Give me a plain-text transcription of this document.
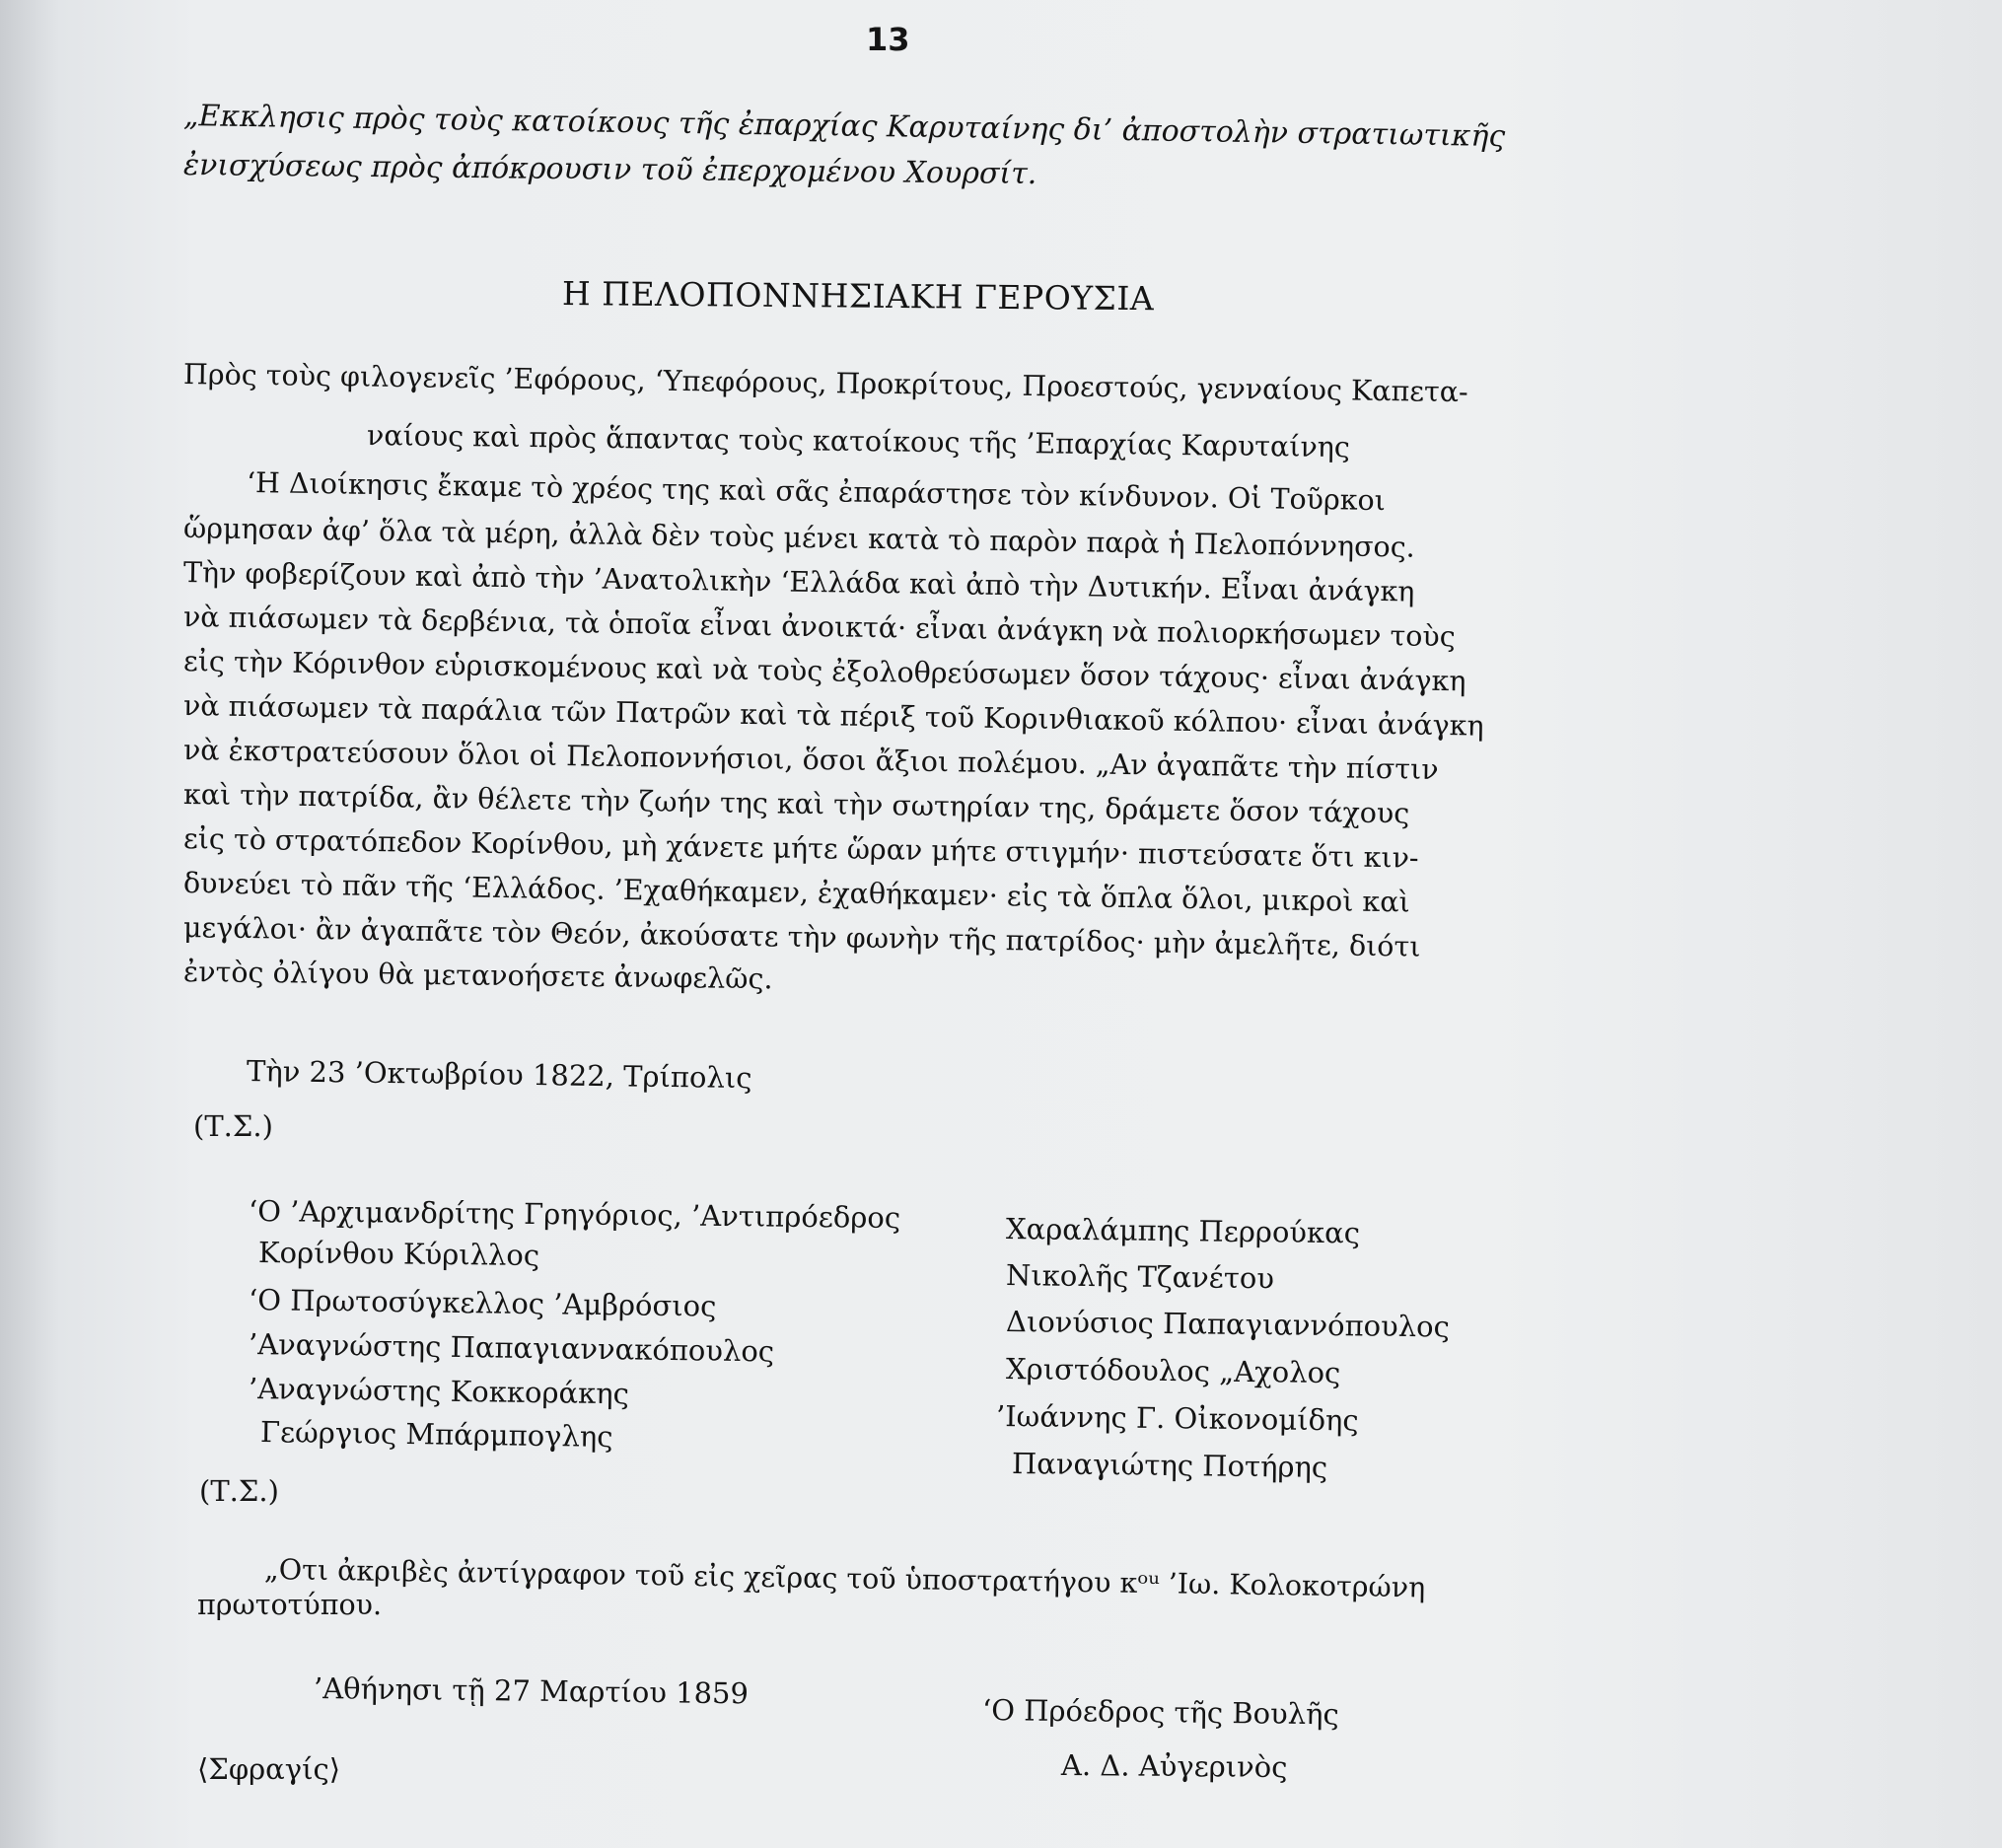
13
„Εκκλησις πρὸς τοὺς κατοίκους τῆς ἐπαρχίας Καρυταίνης δι’ ἀποστολὴν στρατιωτικῆς
ἐνισχύσεως πρὸς ἀπόκρουσιν τοῦ ἐπερχομένου Χουρσίτ.
Η ΠΕΛΟΠΟΝΝΗΣΙΑΚΗ ΓΕΡΟΥΣΙΑ
Πρὸς τοὺς φιλογενεῖς ’Εφόρους, ʻΥπεφόρους, Προκρίτους, Προεστούς, γενναίους Καπετα-
ναίους καὶ πρὸς ἅπαντας τοὺς κατοίκους τῆς ’Επαρχίας Καρυταίνης
ʻΗ Διοίκησις ἔκαμε τὸ χρέος της καὶ σᾶς ἐπαράστησε τὸν κίνδυνον. Οἱ Τοῦρκοι
ὥρμησαν ἀφ’ ὅλα τὰ μέρη, ἀλλὰ δὲν τοὺς μένει κατὰ τὸ παρὸν παρὰ ἡ Πελοπόννησος.
Τὴν φοβερίζουν καὶ ἀπὸ τὴν ’Ανατολικὴν ʻΕλλάδα καὶ ἀπὸ τὴν Δυτικήν. Εἶναι ἀνάγκη
νὰ πιάσωμεν τὰ δερβένια, τὰ ὁποῖα εἶναι ἀνοικτά· εἶναι ἀνάγκη νὰ πολιορκήσωμεν τοὺς
εἰς τὴν Κόρινθον εὑρισκομένους καὶ νὰ τοὺς ἐξολοθρεύσωμεν ὅσον τάχους· εἶναι ἀνάγκη
νὰ πιάσωμεν τὰ παράλια τῶν Πατρῶν καὶ τὰ πέριξ τοῦ Κορινθιακοῦ κόλπου· εἶναι ἀνάγκη
νὰ ἐκστρατεύσουν ὅλοι οἱ Πελοποννήσιοι, ὅσοι ἄξιοι πολέμου. „Αν ἀγαπᾶτε τὴν πίστιν
καὶ τὴν πατρίδα, ἂν θέλετε τὴν ζωήν της καὶ τὴν σωτηρίαν της, δράμετε ὅσον τάχους
εἰς τὸ στρατόπεδον Κορίνθου, μὴ χάνετε μήτε ὥραν μήτε στιγμήν· πιστεύσατε ὅτι κιν-
δυνεύει τὸ πᾶν τῆς ʻΕλλάδος. ’Εχαθήκαμεν, ἐχαθήκαμεν· εἰς τὰ ὅπλα ὅλοι, μικροὶ καὶ
μεγάλοι· ἂν ἀγαπᾶτε τὸν Θεόν, ἀκούσατε τὴν φωνὴν τῆς πατρίδος· μὴν ἀμελῆτε, διότι
ἐντὸς ὀλίγου θὰ μετανοήσετε ἀνωφελῶς.
Τὴν 23 ’Οκτωβρίου 1822, Τρίπολις
(Τ.Σ.)
ʻΟ ’Αρχιμανδρίτης Γρηγόριος, ’Αντιπρόεδρος
Κορίνθου Κύριλλος
ʻΟ Πρωτοσύγκελλος ’Αμβρόσιος
’Αναγνώστης Παπαγιαννακόπουλος
’Αναγνώστης Κοκκοράκης
Γεώργιος Μπάρμπογλης
Χαραλάμπης Περρούκας
Νικολῆς Τζανέτου
Διονύσιος Παπαγιαννόπουλος
Χριστόδουλος „Αχολος
’Ιωάννης Γ. Οἰκονομίδης
Παναγιώτης Ποτήρης
(Τ.Σ.)
„Οτι ἀκριβὲς ἀντίγραφον τοῦ εἰς χεῖρας τοῦ ὑποστρατήγου κᵒᵘ ’Ιω. Κολοκοτρώνη
πρωτοτύπου.
’Αθήνησι τῇ 27 Μαρτίου 1859
ʻΟ Πρόεδρος τῆς Βουλῆς
⟨Σφραγίς⟩	Α. Δ. Αὐγερινὸς
